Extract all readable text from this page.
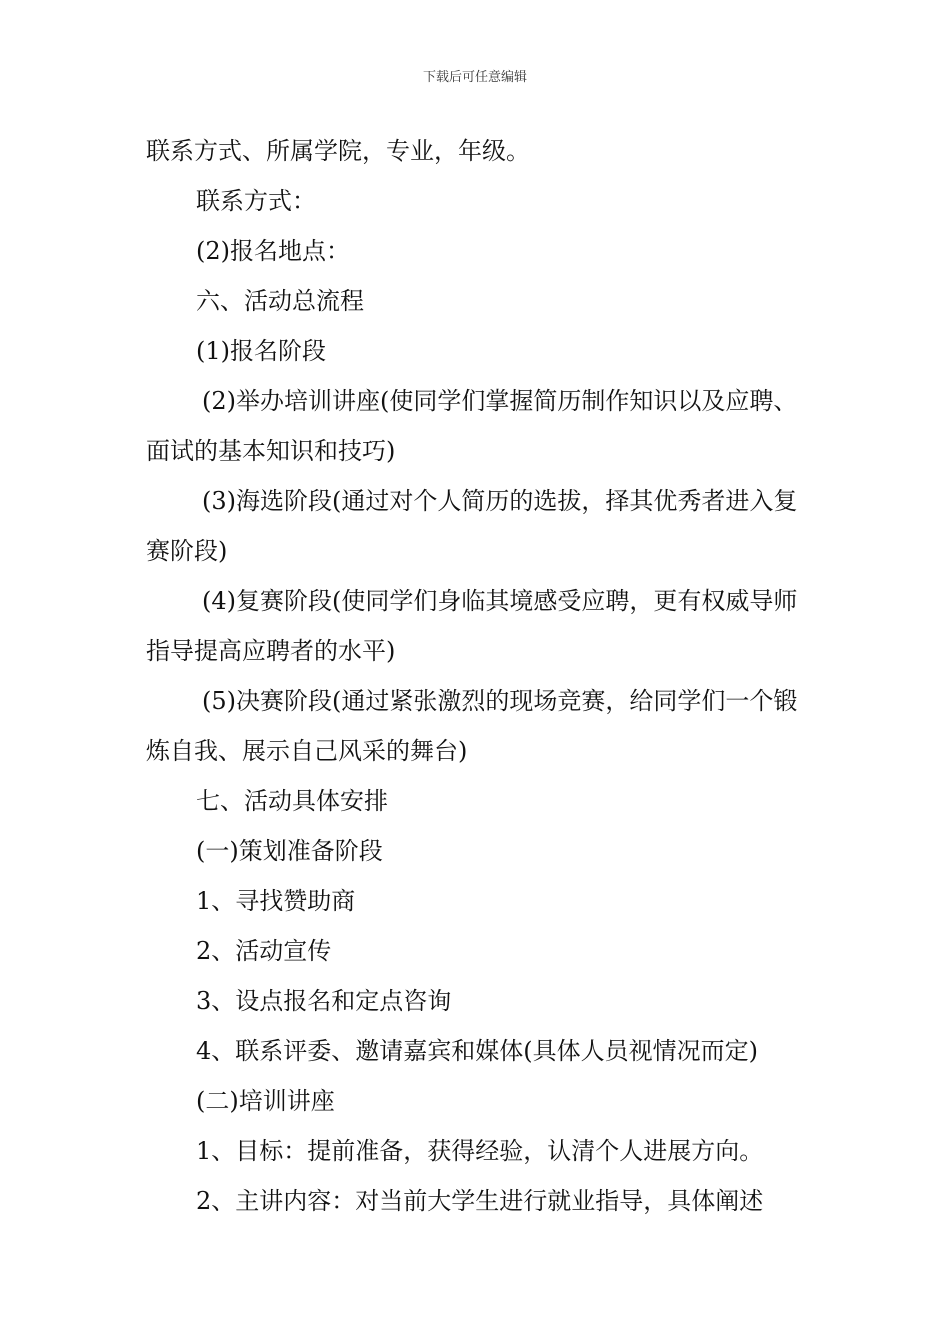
下载后可任意编辑

联系方式、所属学院，专业，年级。

联系方式：

(2)报名地点：

六、活动总流程

(1)报名阶段

(2)举办培训讲座(使同学们掌握简历制作知识以及应聘、面试的基本知识和技巧)

(3)海选阶段(通过对个人简历的选拔，择其优秀者进入复赛阶段)

(4)复赛阶段(使同学们身临其境感受应聘，更有权威导师指导提高应聘者的水平)

(5)决赛阶段(通过紧张激烈的现场竞赛，给同学们一个锻炼自我、展示自己风采的舞台)

七、活动具体安排

(一)策划准备阶段

1、寻找赞助商

2、活动宣传

3、设点报名和定点咨询

4、联系评委、邀请嘉宾和媒体(具体人员视情况而定)

(二)培训讲座

1、目标：提前准备，获得经验，认清个人进展方向。

2、主讲内容：对当前大学生进行就业指导，具体阐述
